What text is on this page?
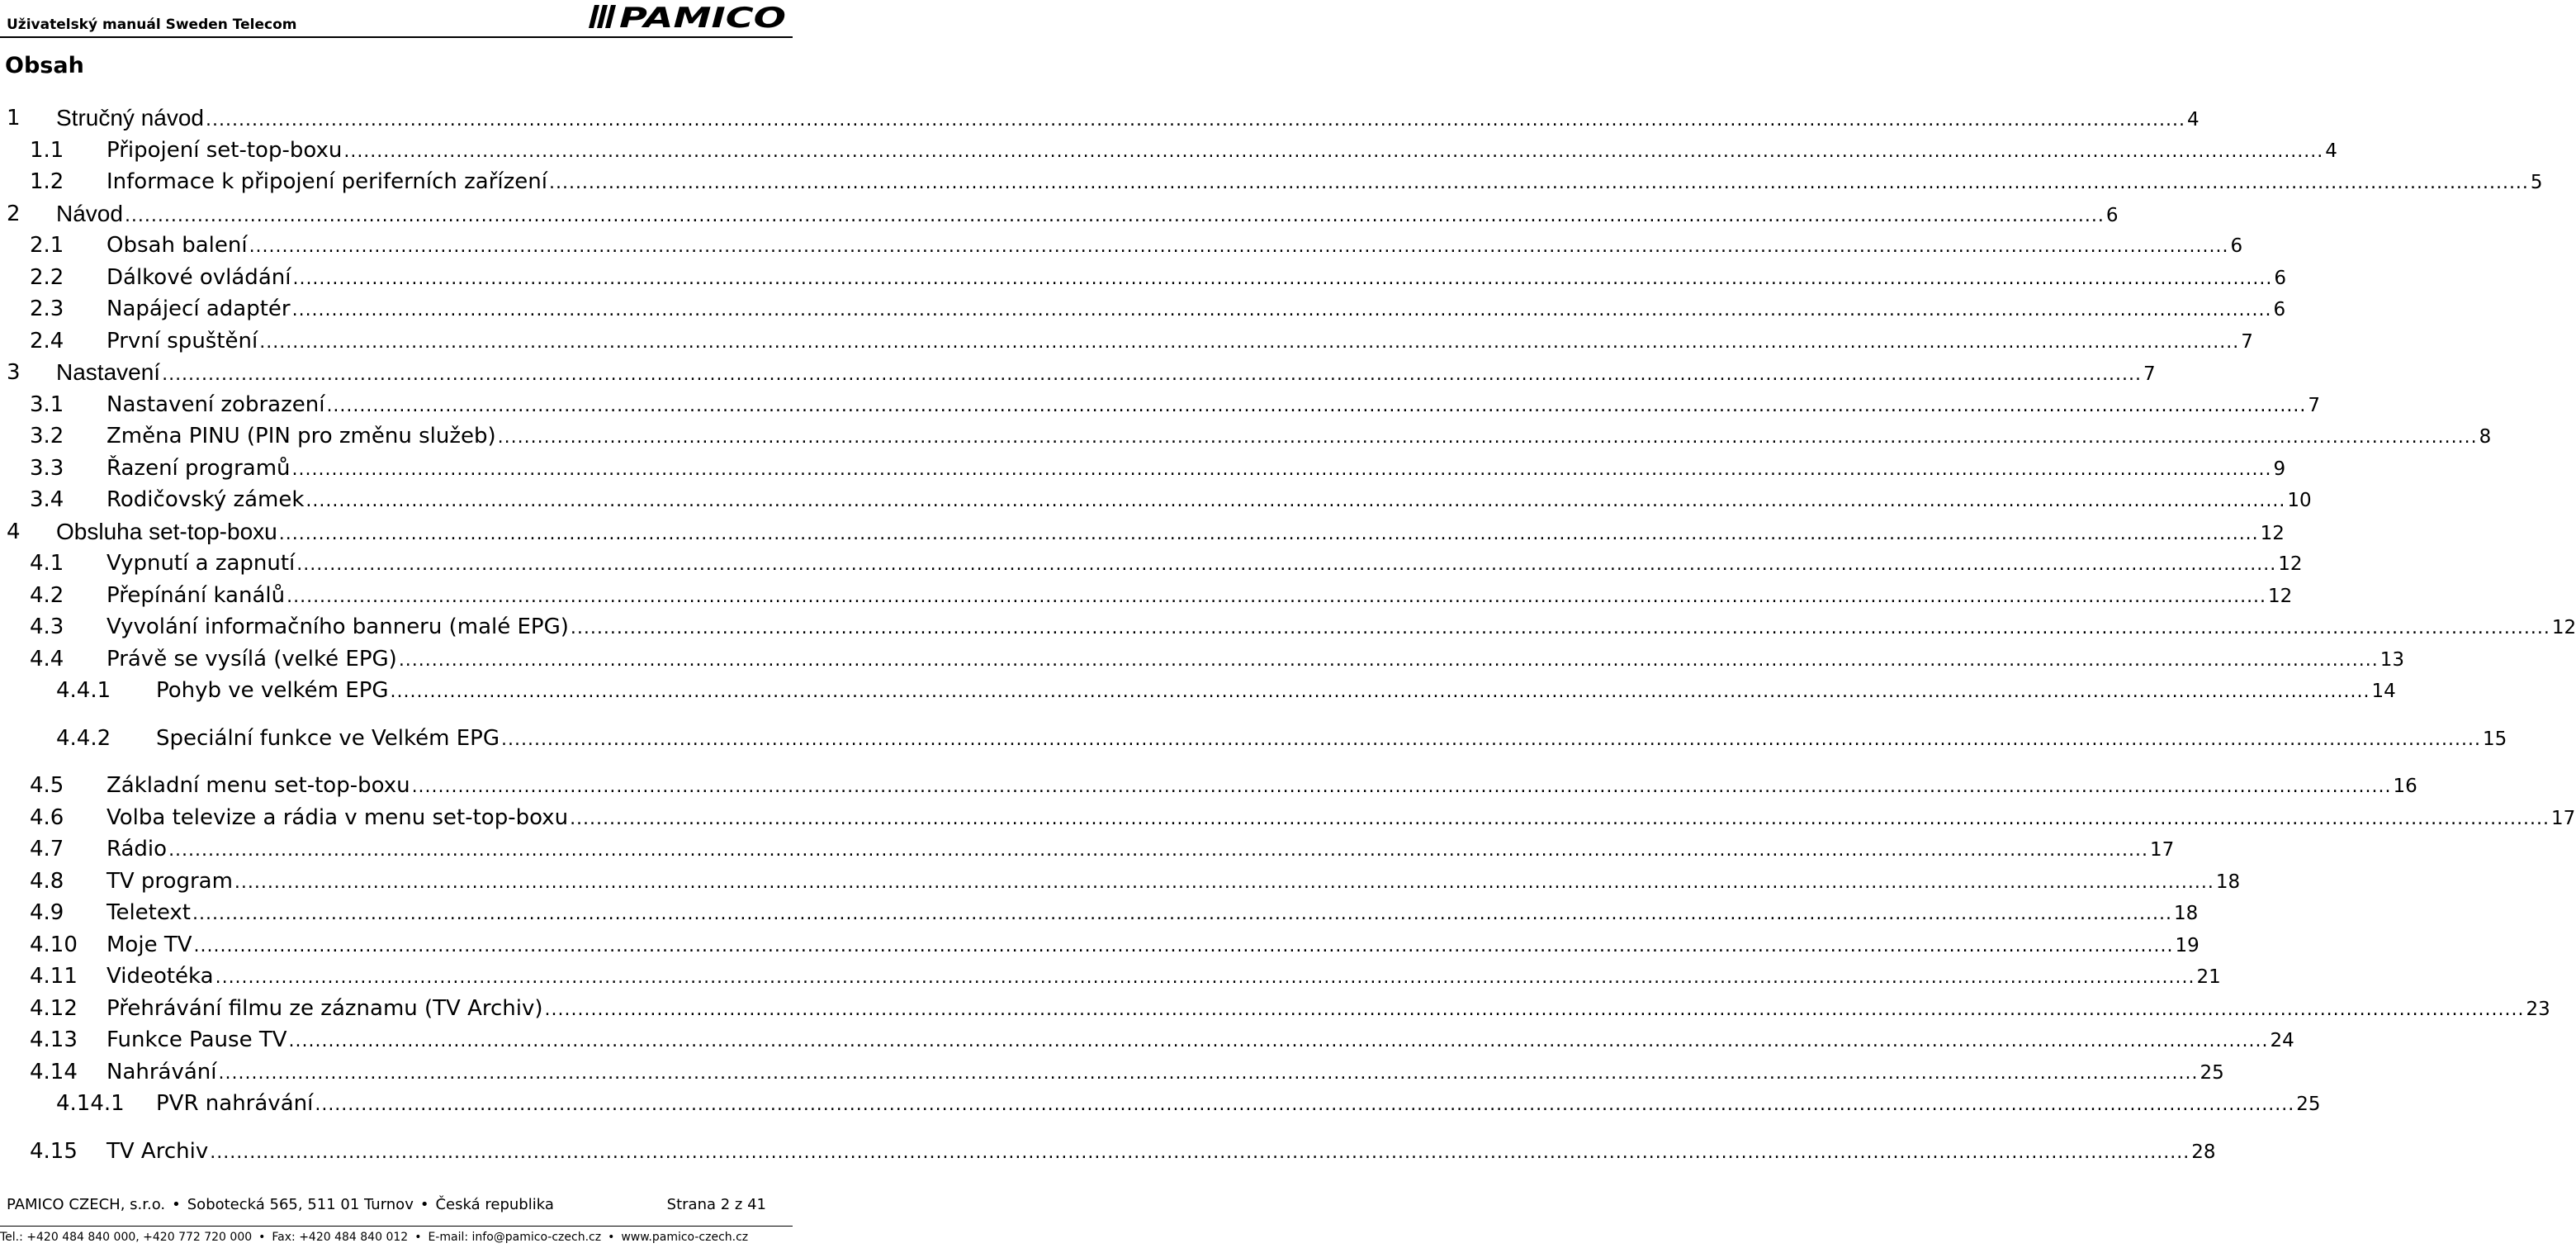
Uživatelský manuál Sweden Telecom	PAMICO
Obsah
1 Stručný návod ............................................................................................................................................................................................................................................................................................................ 4
1.1 Připojení set-top-boxu ............................................................................................................................................................................................................................................................................................................ 4
1.2 Informace k připojení periferních zařízení ............................................................................................................................................................................................................................................................................................................ 5
2 Návod ............................................................................................................................................................................................................................................................................................................ 6
2.1 Obsah balení ............................................................................................................................................................................................................................................................................................................ 6
2.2 Dálkové ovládání ............................................................................................................................................................................................................................................................................................................ 6
2.3 Napájecí adaptér ............................................................................................................................................................................................................................................................................................................ 6
2.4 První spuštění ............................................................................................................................................................................................................................................................................................................ 7
3 Nastavení ............................................................................................................................................................................................................................................................................................................ 7
3.1 Nastavení zobrazení ............................................................................................................................................................................................................................................................................................................ 7
3.2 Změna PINU (PIN pro změnu služeb) ............................................................................................................................................................................................................................................................................................................ 8
3.3 Řazení programů ............................................................................................................................................................................................................................................................................................................ 9
3.4 Rodičovský zámek ............................................................................................................................................................................................................................................................................................................ 10
4 Obsluha set-top-boxu ............................................................................................................................................................................................................................................................................................................ 12
4.1 Vypnutí a zapnutí ............................................................................................................................................................................................................................................................................................................ 12
4.2 Přepínání kanálů ............................................................................................................................................................................................................................................................................................................ 12
4.3 Vyvolání informačního banneru (malé EPG) ............................................................................................................................................................................................................................................................................................................ 12
4.4 Právě se vysílá (velké EPG) ............................................................................................................................................................................................................................................................................................................ 13
4.4.1 Pohyb ve velkém EPG ............................................................................................................................................................................................................................................................................................................ 14
4.4.2 Speciální funkce ve Velkém EPG ............................................................................................................................................................................................................................................................................................................ 15
4.5 Základní menu set-top-boxu ............................................................................................................................................................................................................................................................................................................ 16
4.6 Volba televize a rádia v menu set-top-boxu ............................................................................................................................................................................................................................................................................................................ 17
4.7 Rádio ............................................................................................................................................................................................................................................................................................................ 17
4.8 TV program ............................................................................................................................................................................................................................................................................................................ 18
4.9 Teletext ............................................................................................................................................................................................................................................................................................................ 18
4.10 Moje TV ............................................................................................................................................................................................................................................................................................................ 19
4.11 Videotéka ............................................................................................................................................................................................................................................................................................................ 21
4.12 Přehrávání filmu ze záznamu (TV Archiv) ............................................................................................................................................................................................................................................................................................................ 23
4.13 Funkce Pause TV ............................................................................................................................................................................................................................................................................................................ 24
4.14 Nahrávání ............................................................................................................................................................................................................................................................................................................ 25
4.14.1 PVR nahrávání ............................................................................................................................................................................................................................................................................................................ 25
4.15 TV Archiv ............................................................................................................................................................................................................................................................................................................ 28
PAMICO CZECH, s.r.o. • Sobotecká 565, 511 01 Turnov • Česká republika	Strana 2 z 41
Tel.: +420 484 840 000, +420 772 720 000 • Fax: +420 484 840 012 • E-mail: info@pamico-czech.cz • www.pamico-czech.cz
